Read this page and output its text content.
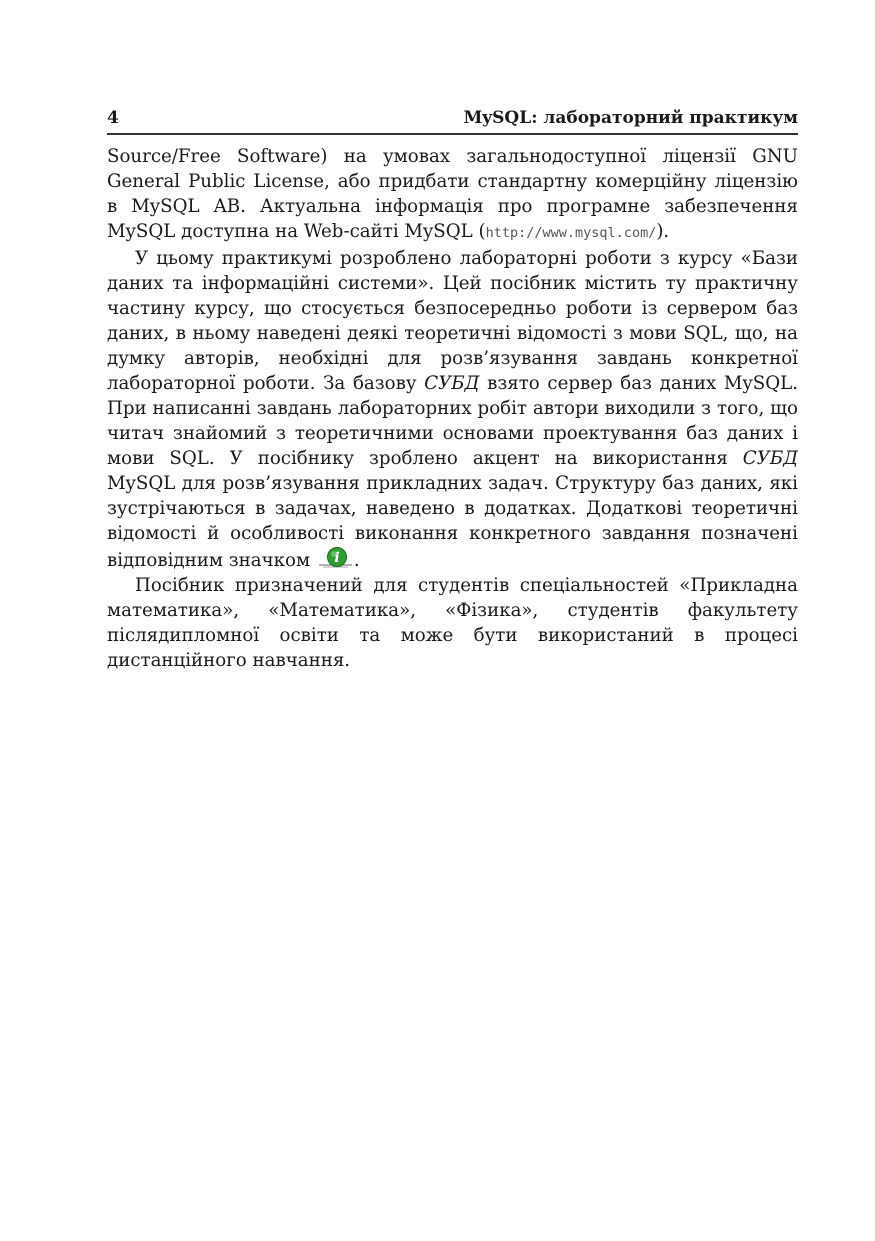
4	MySQL: лабораторний практикум

Source/Free Software) на умовах загальнодоступної ліцензії GNU General Public License, або придбати стандартну комерційну ліцензію в MySQL AB. Актуальна інформація про програмне забезпечення MySQL доступна на Web-сайті MySQL (http://www.mysql.com/).

У цьому практикумі розроблено лабораторні роботи з курсу «Бази даних та інформаційні системи». Цей посібник містить ту практичну частину курсу, що стосується безпосередньо роботи із сервером баз даних, в ньому наведені деякі теоретичні відомості з мови SQL, що, на думку авторів, необхідні для розв’язування завдань конкретної лабораторної роботи. За базову СУБД взято сервер баз даних MySQL. При написанні завдань лабораторних робіт автори виходили з того, що читач знайомий з теоретичними основами проектування баз даних і мови SQL. У посібнику зроблено акцент на використання СУБД MySQL для розв’язування прикладних задач. Структуру баз даних, які зустрічаються в задачах, наведено в додатках. Додаткові теоретичні відомості й особливості виконання конкретного завдання позначені відповідним значком i .

Посібник призначений для студентів спеціальностей «Прикладна математика», «Математика», «Фізика», студентів факультету післядипломної освіти та може бути використаний в процесі дистанційного навчання.
